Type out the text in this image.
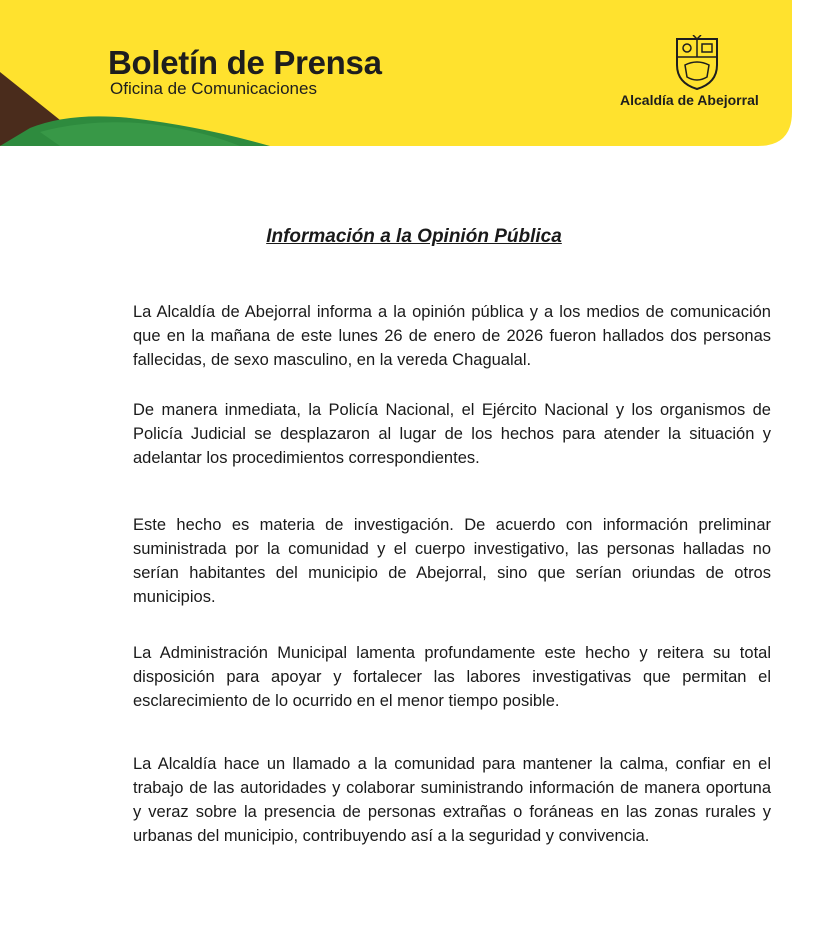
Boletín de Prensa
Oficina de Comunicaciones
Alcaldía de Abejorral
Información a la Opinión Pública

La Alcaldía de Abejorral informa a la opinión pública y a los medios de comunicación que en la mañana de este lunes 26 de enero de 2026 fueron hallados dos personas fallecidas, de sexo masculino, en la vereda Chagualal.

De manera inmediata, la Policía Nacional, el Ejército Nacional y los organismos de Policía Judicial se desplazaron al lugar de los hechos para atender la situación y adelantar los procedimientos correspondientes.

Este hecho es materia de investigación. De acuerdo con información preliminar suministrada por la comunidad y el cuerpo investigativo, las personas halladas no serían habitantes del municipio de Abejorral, sino que serían oriundas de otros municipios.

La Administración Municipal lamenta profundamente este hecho y reitera su total disposición para apoyar y fortalecer las labores investigativas que permitan el esclarecimiento de lo ocurrido en el menor tiempo posible.

La Alcaldía hace un llamado a la comunidad para mantener la calma, confiar en el trabajo de las autoridades y colaborar suministrando información de manera oportuna y veraz sobre la presencia de personas extrañas o foráneas en las zonas rurales y urbanas del municipio, contribuyendo así a la seguridad y convivencia.
